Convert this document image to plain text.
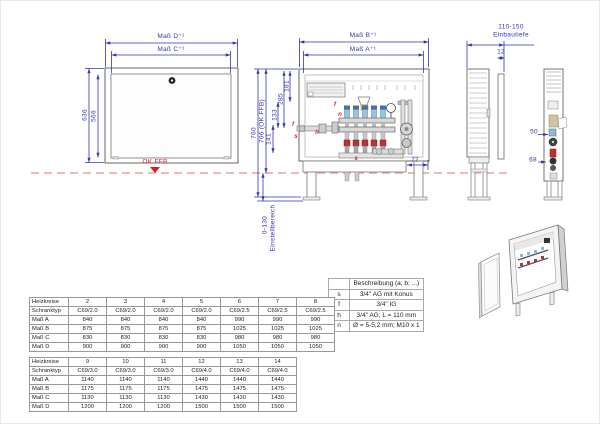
Maß D⁺¹
Maß C⁺¹
636 566
OK FFB
Maß B⁺¹
Maß A⁺¹
760 706 (OK FFB) 141
133
285
181
72
0-130 Einstellbereich
110-150
Einbautiefe
12
50
68
f
n
f
s
h
s
	Beschreibung (a; b; ...)
s	3/4" AG mit Konus
f	3/4" IG
h	3/4" AG; L = 110 mm
n	Ø = 5-5,2 mm; M10 x 1
Heizkreise	2	3	4	5	6	7	8
Schranktyp	C69/2.0	C69/2.0	C69/2.0	C69/2.0	C69/2.5	C69/2.5	C69/2.5
Maß A	840	840	840	840	990	990	990
Maß B	875	875	875	875	1025	1025	1025
Maß C	830	830	830	830	980	980	980
Maß D	900	900	900	900	1050	1050	1050
Heizkreise	9	10	11	12	13	14
Schranktyp	C69/3.0	C69/3.0	C69/3.0	C69/4.0	C69/4.0	C69/4.0
Maß A	1140	1140	1140	1440	1440	1440
Maß B	1175	1175	1175	1475	1475	1475
Maß C	1130	1130	1130	1430	1430	1430
Maß D	1200	1200	1200	1500	1500	1500
